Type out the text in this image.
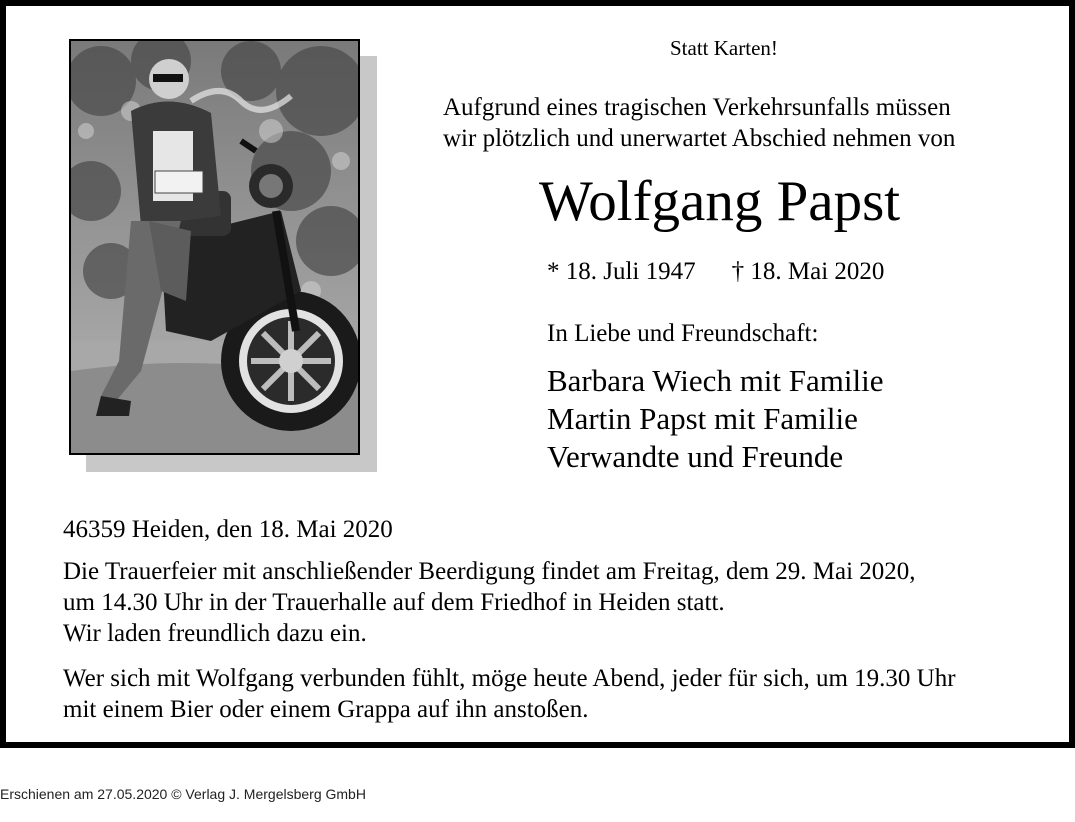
Statt Karten!
Aufgrund eines tragischen Verkehrsunfalls müssen
wir plötzlich und unerwartet Abschied nehmen von
Wolfgang Papst
* 18. Juli 1947 † 18. Mai 2020
In Liebe und Freundschaft:
Barbara Wiech mit Familie
Martin Papst mit Familie
Verwandte und Freunde
46359 Heiden, den 18. Mai 2020
Die Trauerfeier mit anschließender Beerdigung findet am Freitag, dem 29. Mai 2020,
um 14.30 Uhr in der Trauerhalle auf dem Friedhof in Heiden statt.
Wir laden freundlich dazu ein.
Wer sich mit Wolfgang verbunden fühlt, möge heute Abend, jeder für sich, um 19.30 Uhr
mit einem Bier oder einem Grappa auf ihn anstoßen.
Erschienen am 27.05.2020 © Verlag J. Mergelsberg GmbH
